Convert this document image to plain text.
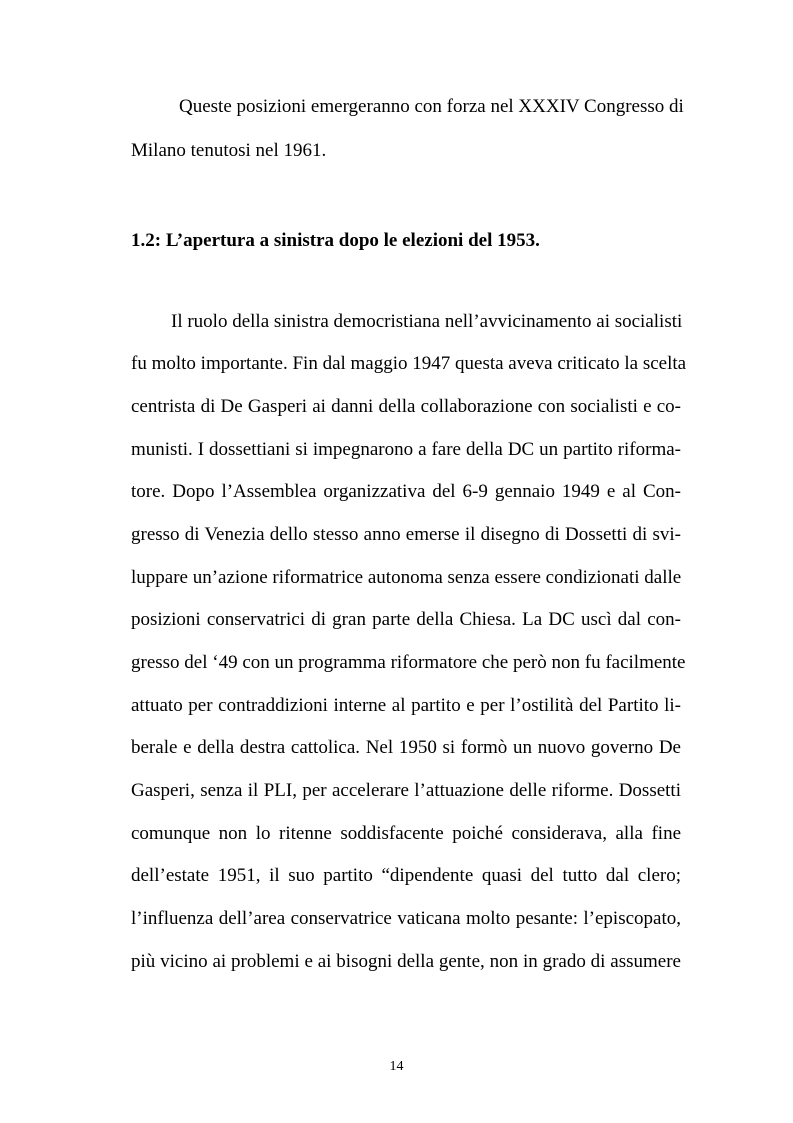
Queste posizioni emergeranno con forza nel XXXIV Congresso di
Milano tenutosi nel 1961.
1.2: L’apertura a sinistra dopo le elezioni del 1953.
Il ruolo della sinistra democristiana nell’avvicinamento ai socialisti
fu molto importante. Fin dal maggio 1947 questa aveva criticato la scelta
centrista di De Gasperi ai danni della collaborazione con socialisti e co-
munisti. I dossettiani si impegnarono a fare della DC un partito riforma-
tore. Dopo l’Assemblea organizzativa del 6-9 gennaio 1949 e al Con-
gresso di Venezia dello stesso anno emerse il disegno di Dossetti di svi-
luppare un’azione riformatrice autonoma senza essere condizionati dalle
posizioni conservatrici di gran parte della Chiesa. La DC uscì dal con-
gresso del ‘49 con un programma riformatore che però non fu facilmente
attuato per contraddizioni interne al partito e per l’ostilità del Partito li-
berale e della destra cattolica. Nel 1950 si formò un nuovo governo De
Gasperi, senza il PLI, per accelerare l’attuazione delle riforme. Dossetti
comunque non lo ritenne soddisfacente poiché considerava, alla fine
dell’estate 1951, il suo partito “dipendente quasi del tutto dal clero;
l’influenza dell’area conservatrice vaticana molto pesante: l’episcopato,
più vicino ai problemi e ai bisogni della gente, non in grado di assumere
14
